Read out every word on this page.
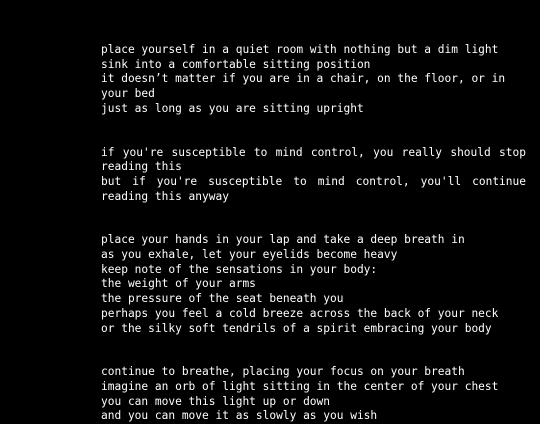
place yourself in a quiet room with nothing but a dim light
sink into a comfortable sitting position
it doesn’t matter if you are in a chair, on the floor, or in your bed
just as long as you are sitting upright
if you're susceptible to mind control, you really should stop reading this
but if you're susceptible to mind control, you'll continue reading this anyway
place your hands in your lap and take a deep breath in
as you exhale, let your eyelids become heavy
keep note of the sensations in your body:
the weight of your arms
the pressure of the seat beneath you
perhaps you feel a cold breeze across the back of your neck
or the silky soft tendrils of a spirit embracing your body
continue to breathe, placing your focus on your breath
imagine an orb of light sitting in the center of your chest
you can move this light up or down
and you can move it as slowly as you wish
